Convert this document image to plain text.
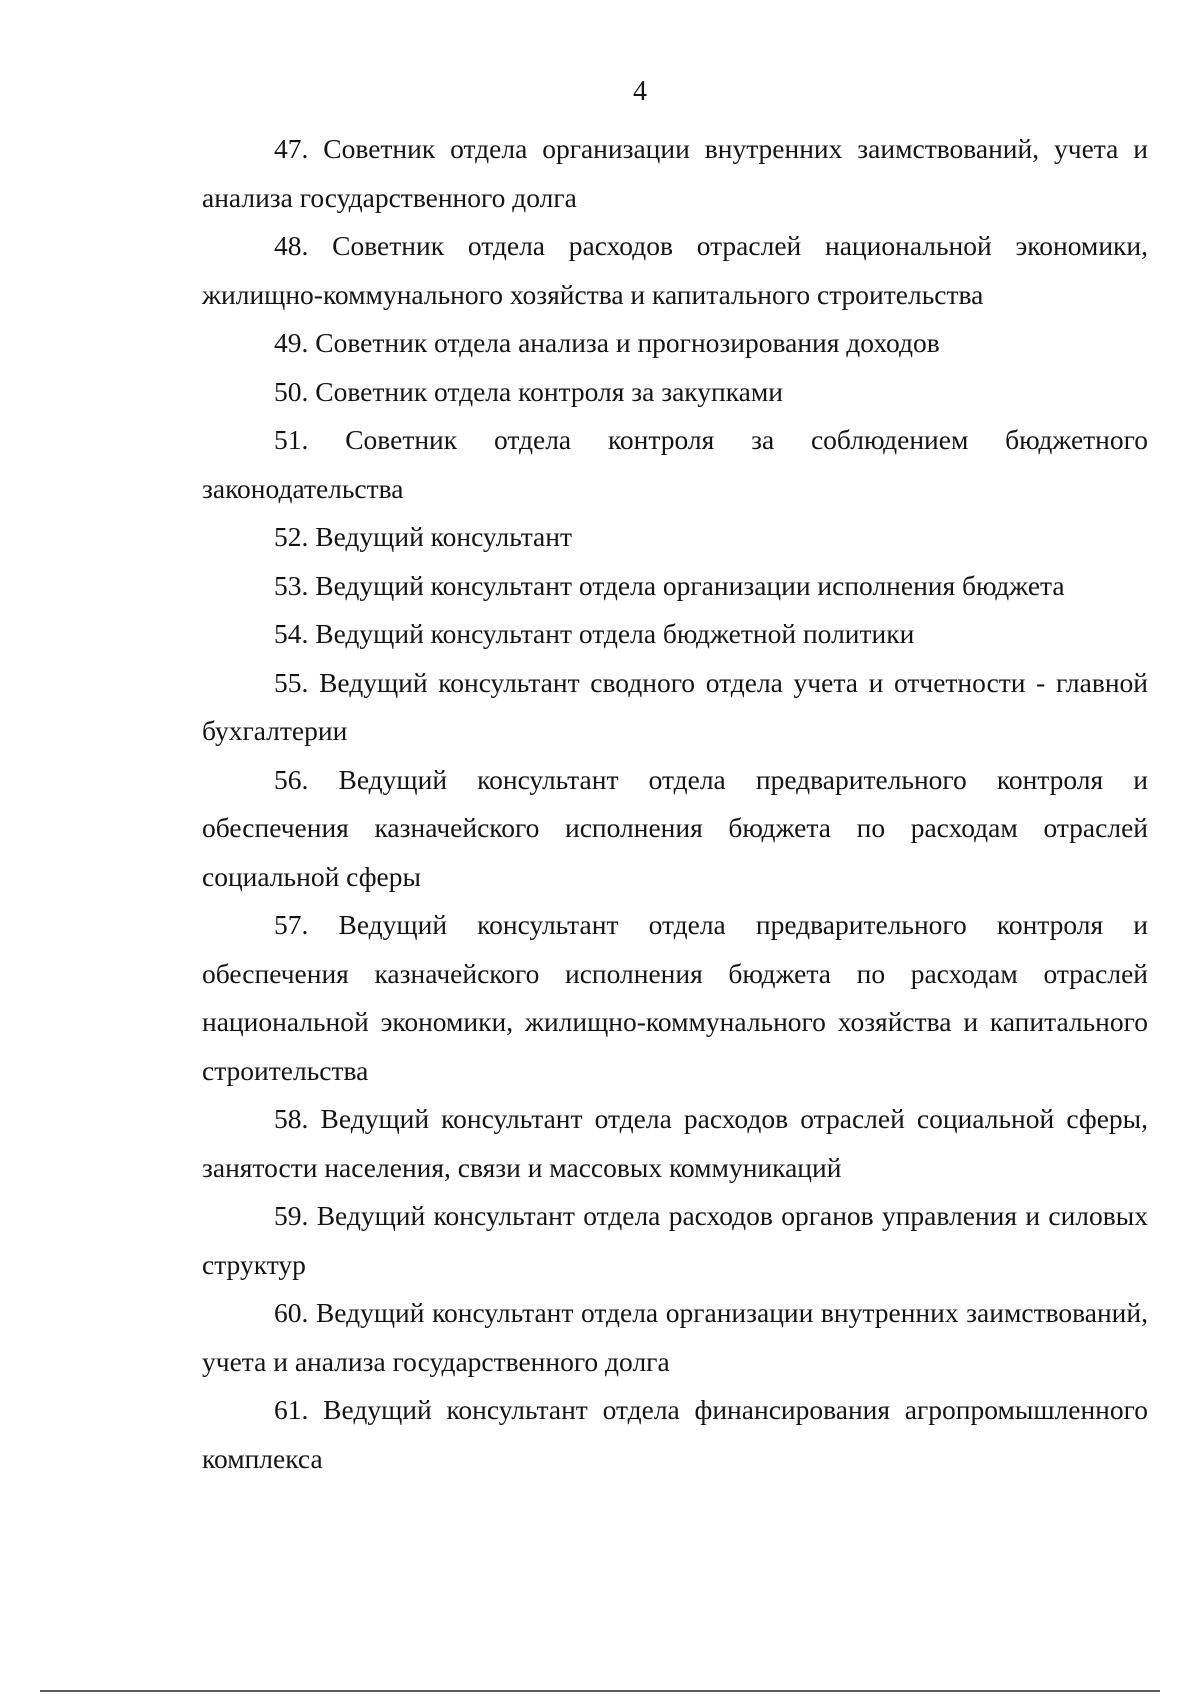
4

47. Советник отдела организации внутренних заимствований, учета и анализа государственного долга

48. Советник отдела расходов отраслей национальной экономики, жилищно-коммунального хозяйства и капитального строительства

49. Советник отдела анализа и прогнозирования доходов

50. Советник отдела контроля за закупками

51. Советник отдела контроля за соблюдением бюджетного законодательства

52. Ведущий консультант

53. Ведущий консультант отдела организации исполнения бюджета

54. Ведущий консультант отдела бюджетной политики

55. Ведущий консультант сводного отдела учета и отчетности - главной бухгалтерии

56. Ведущий консультант отдела предварительного контроля и обеспечения казначейского исполнения бюджета по расходам отраслей социальной сферы

57. Ведущий консультант отдела предварительного контроля и обеспечения казначейского исполнения бюджета по расходам отраслей национальной экономики, жилищно-коммунального хозяйства и капитального строительства

58. Ведущий консультант отдела расходов отраслей социальной сферы, занятости населения, связи и массовых коммуникаций

59. Ведущий консультант отдела расходов органов управления и силовых структур

60. Ведущий консультант отдела организации внутренних заимствований, учета и анализа государственного долга

61. Ведущий консультант отдела финансирования агропромышленного комплекса
